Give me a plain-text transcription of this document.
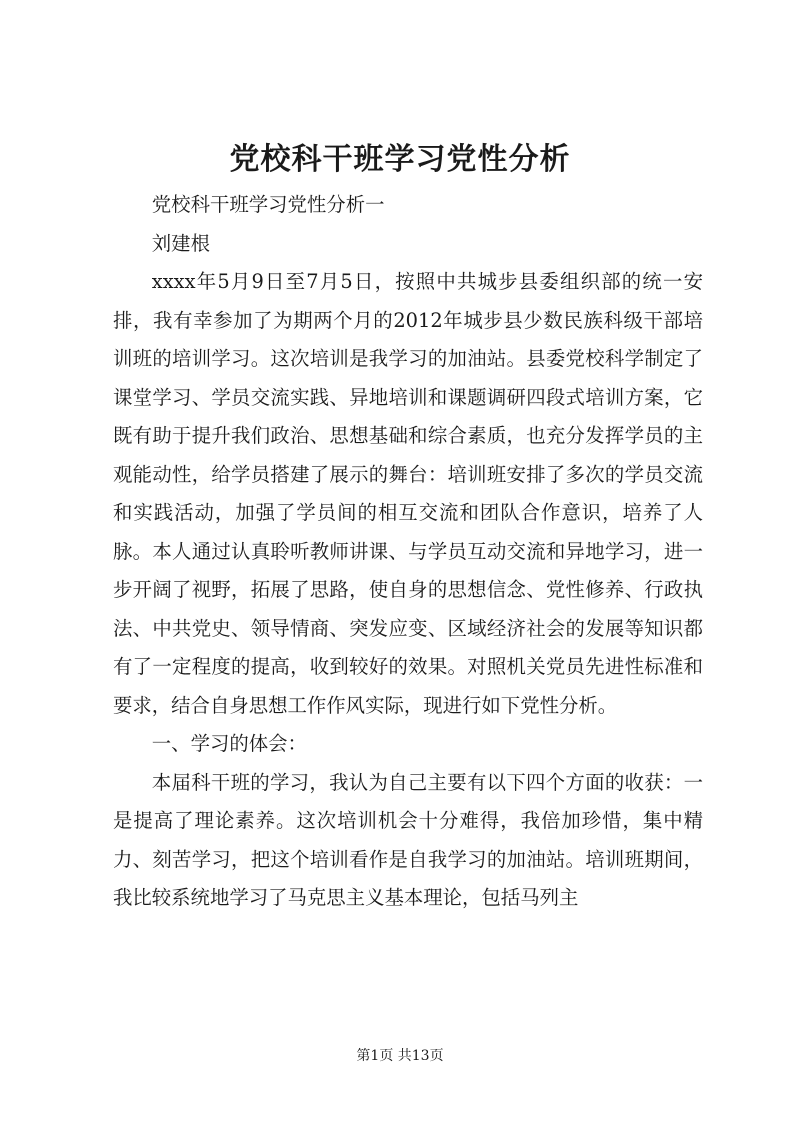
党校科干班学习党性分析

党校科干班学习党性分析一

刘建根

xxxx年5月9日至7月5日，按照中共城步县委组织部的统一安排，我有幸参加了为期两个月的2012年城步县少数民族科级干部培训班的培训学习。这次培训是我学习的加油站。县委党校科学制定了课堂学习、学员交流实践、异地培训和课题调研四段式培训方案，它既有助于提升我们政治、思想基础和综合素质，也充分发挥学员的主观能动性，给学员搭建了展示的舞台：培训班安排了多次的学员交流和实践活动，加强了学员间的相互交流和团队合作意识，培养了人脉。本人通过认真聆听教师讲课、与学员互动交流和异地学习，进一步开阔了视野，拓展了思路，使自身的思想信念、党性修养、行政执法、中共党史、领导情商、突发应变、区域经济社会的发展等知识都有了一定程度的提高，收到较好的效果。对照机关党员先进性标准和要求，结合自身思想工作作风实际，现进行如下党性分析。

一、学习的体会：

本届科干班的学习，我认为自己主要有以下四个方面的收获：一是提高了理论素养。这次培训机会十分难得，我倍加珍惜，集中精力、刻苦学习，把这个培训看作是自我学习的加油站。培训班期间，我比较系统地学习了马克思主义基本理论，包括马列主

第1页 共13页
